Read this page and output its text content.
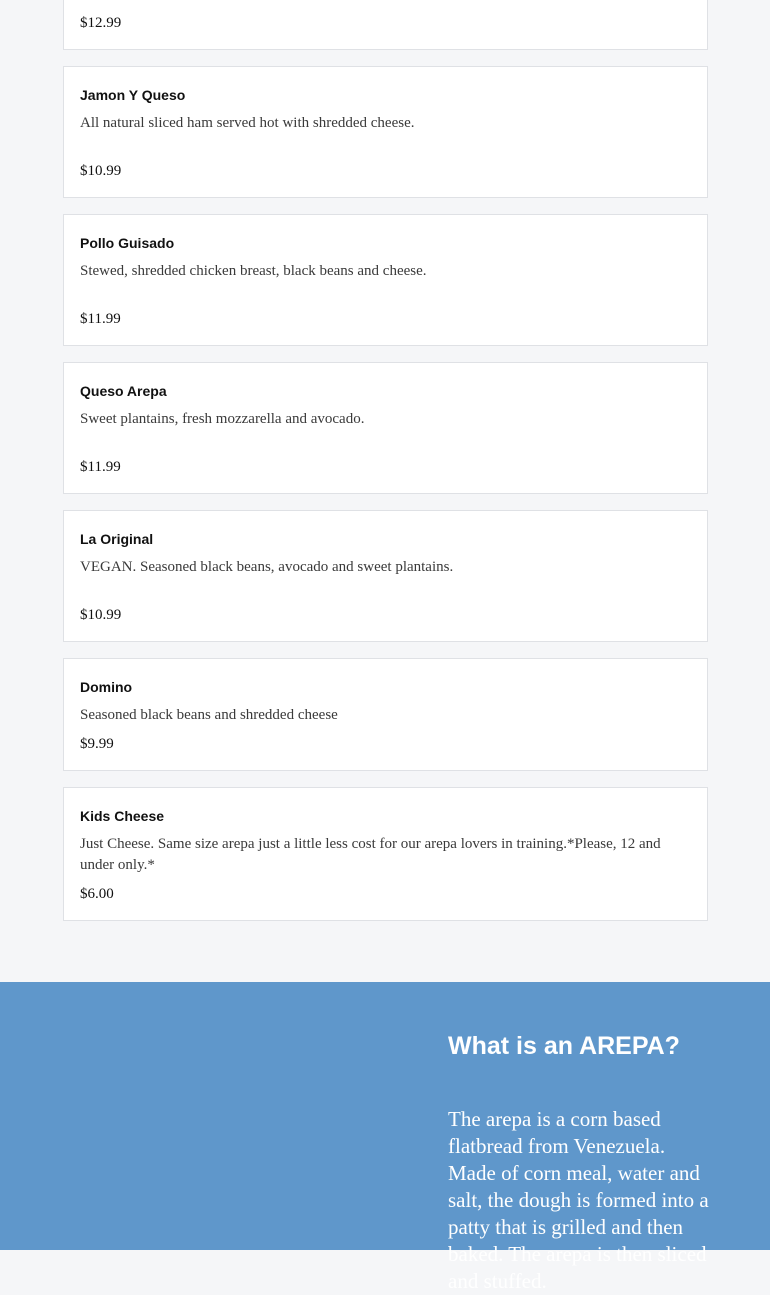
$12.99
Jamon Y Queso
All natural sliced ham served hot with shredded cheese.
$10.99
Pollo Guisado
Stewed, shredded chicken breast, black beans and cheese.
$11.99
Queso Arepa
Sweet plantains, fresh mozzarella and avocado.
$11.99
La Original
VEGAN. Seasoned black beans, avocado and sweet plantains.
$10.99
Domino
Seasoned black beans and shredded cheese
$9.99
Kids Cheese
Just Cheese. Same size arepa just a little less cost for our arepa lovers in training.*Please, 12 and under only.*
$6.00
What is an AREPA?

The arepa is a corn based flatbread from Venezuela. Made of corn meal, water and salt, the dough is formed into a patty that is grilled and then baked. The arepa is then sliced and stuffed.
